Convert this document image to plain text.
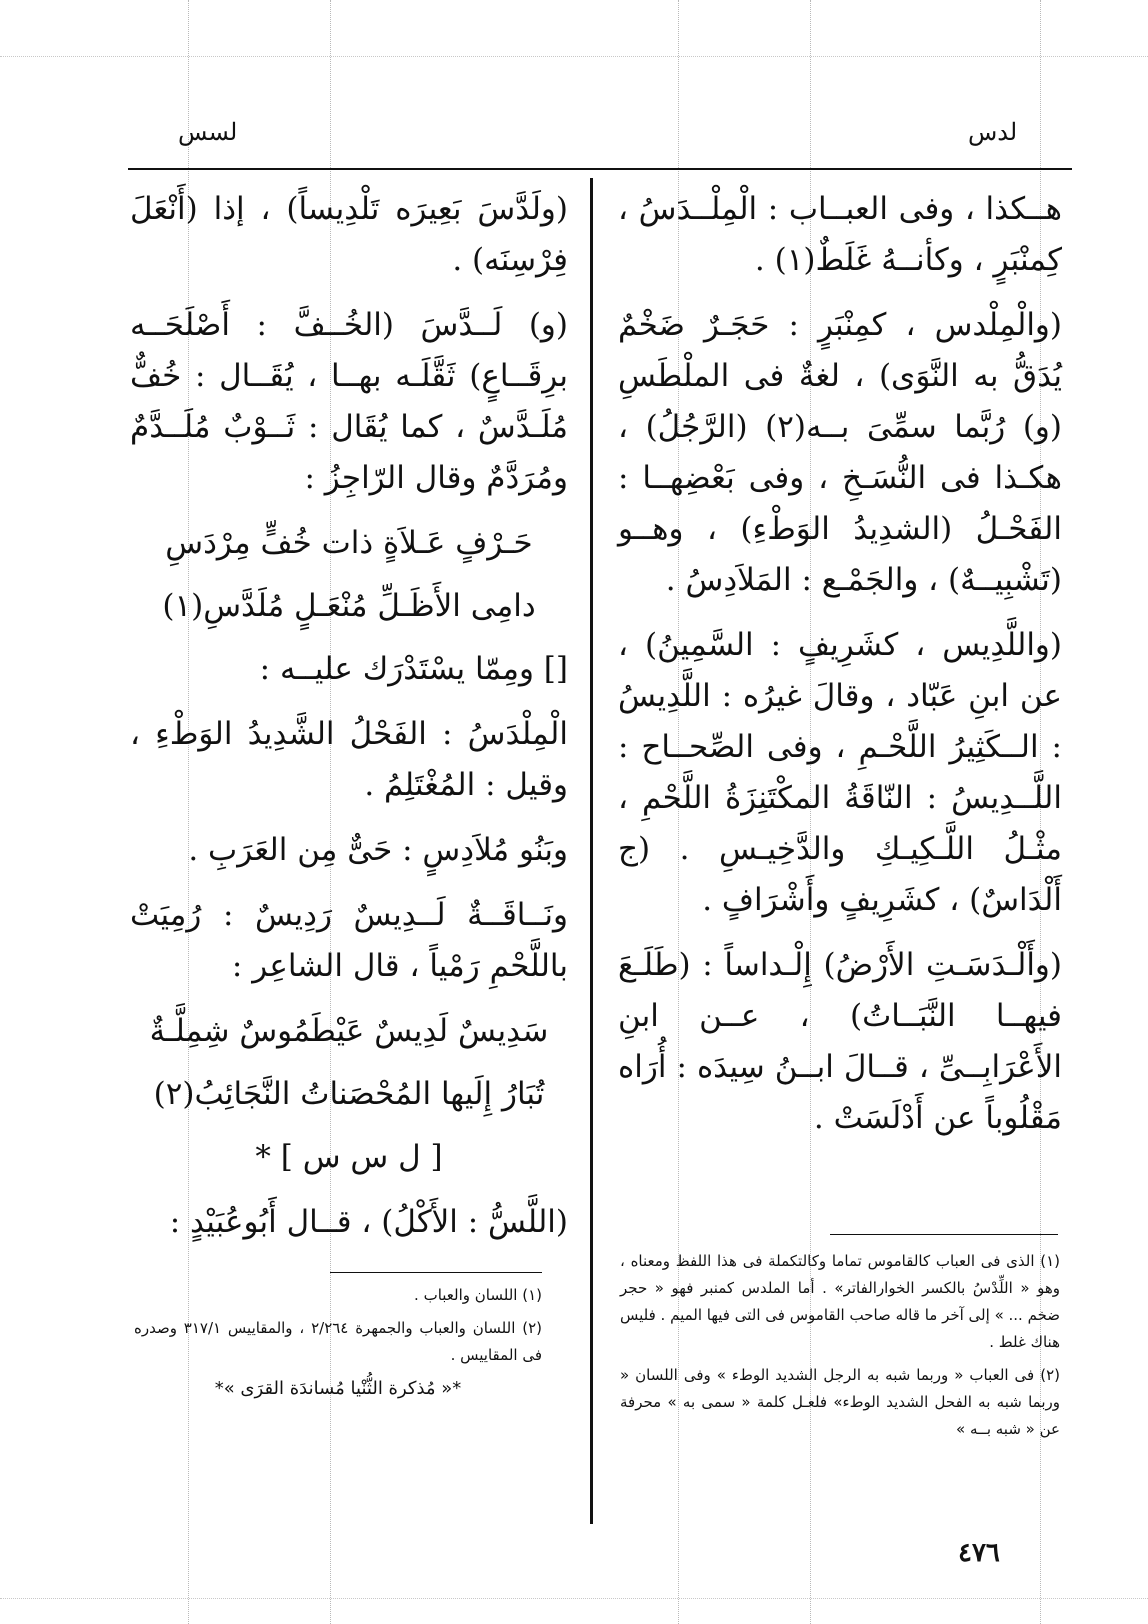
لدس
لسس

هــكذا ، وفى العبــاب : الْمِلْــدَسُ ، كِمنْبَرٍ ، وكأنــهُ غَلَطٌ(١) .

(والْمِلْدس ، كمِنْبَرٍ : حَجَـرٌ ضَخْمٌ يُدَقُّ به النَّوَى) ، لغةٌ فى الملْطَسِ (و) رُبَّما سمِّىَ بــه(٢) (الرَّجُلُ) ، هكـذا فى النُّسَـخِ ، وفى بَعْضِهــا : الفَحْـلُ (الشدِيدُ الوَطْءِ) ، وهــو (تَشْبِيــهٌ) ، والجَمْـع : المَلاَدِسُ .

(واللَّدِيس ، كشَرِيفٍ : السَّمِينُ) ، عن ابنِ عَبّاد ، وقالَ غيرُه : اللَّدِيسُ : الــكَثِيرُ اللَّحْـمِ ، وفى الصِّحــاح : اللَّــدِيسُ : النّاقَةُ المكْتَنِزَةُ اللَّحْمِ ، مثْـلُ اللَّـكِيـكِ والدَّخِيـسِ . (ج أَلْدَاسٌ) ، كشَرِيفٍ وأَشْرَافٍ .

(وأَلْـدَسَـتِ الأَرْضُ) إِلْـداساً : (طَلَـعَ فيهــا النَّبَــاتُ) ، عــن ابنِ الأَعْرَابِــىِّ ، قــالَ ابــنُ سِيدَه : أُرَاه مَقْلُوباً عن أَدْلَسَتْ .

(ولَدَّسَ بَعِيرَه تَلْدِيساً) ، إذا (أَنْعَلَ فِرْسِنَه) .

(و) لَــدَّسَ (الخُــفَّ : أَصْلَحَــه برِقَــاعٍ) ثَقَّلَـه بهــا ، يُقَــال : خُفٌّ مُلَـدَّسٌ ، كما يُقَال : ثَــوْبٌ مُلَــدَّمٌ ومُرَدَّمٌ وقال الرّاجِزُ :

حَـرْفٍ عَـلاَةٍ ذات خُفٍّ مِرْدَسِ

دامِى الأَظَـلِّ مُنْعَـلٍ مُلَدَّسِ(١)

[] ومِمّا يسْتَدْرَك عليــه :

الْمِلْدَسُ : الفَحْلُ الشَّدِيدُ الوَطْءِ ، وقيل : المُغْتَلِمُ .

وبَنُو مُلاَدِسٍ : حَىٌّ مِن العَرَبِ .

ونَــاقَــةٌ لَــدِيسٌ رَدِيسٌ : رُمِيَتْ باللَّحْمِ رَمْياً ، قال الشاعِر :

سَدِيسٌ لَدِيسٌ عَيْطَمُوسٌ شِمِلَّـةٌ

تُبَارُ إِلَيها المُحْصَناتُ النَّجَائِبُ(٢)

[ ل س س ] *

(اللَّسُّ : الأَكْلُ) ، قــال أَبُوعُبَيْدٍ :

(١) الذى فى العباب كالقاموس تماما وكالتكملة فى هذا اللفظ ومعناه ، وهو « اللِّدْسُ بالكسر الخوارالفاتر» . أما الملدس كمنبر فهو « حجر ضخم ... » إلى آخر ما قاله صاحب القاموس فى التى فيها الميم . فليس هناك غلط .

(٢) فى العباب « وربما شبه به الرجل الشديد الوطء » وفى اللسان « وربما شبه به الفحل الشديد الوطء» فلعـل كلمة « سمى به » محرفة عن « شبه بــه »

٤٧٦

(١) اللسان والعباب .

(٢) اللسان والعباب والجمهرة ٢/٢٦٤ ، والمقاييس ٣١٧/١ وصدره فى المقاييس .

*« مُذكرة الثُّنْيا مُساندَة القرَى »*
